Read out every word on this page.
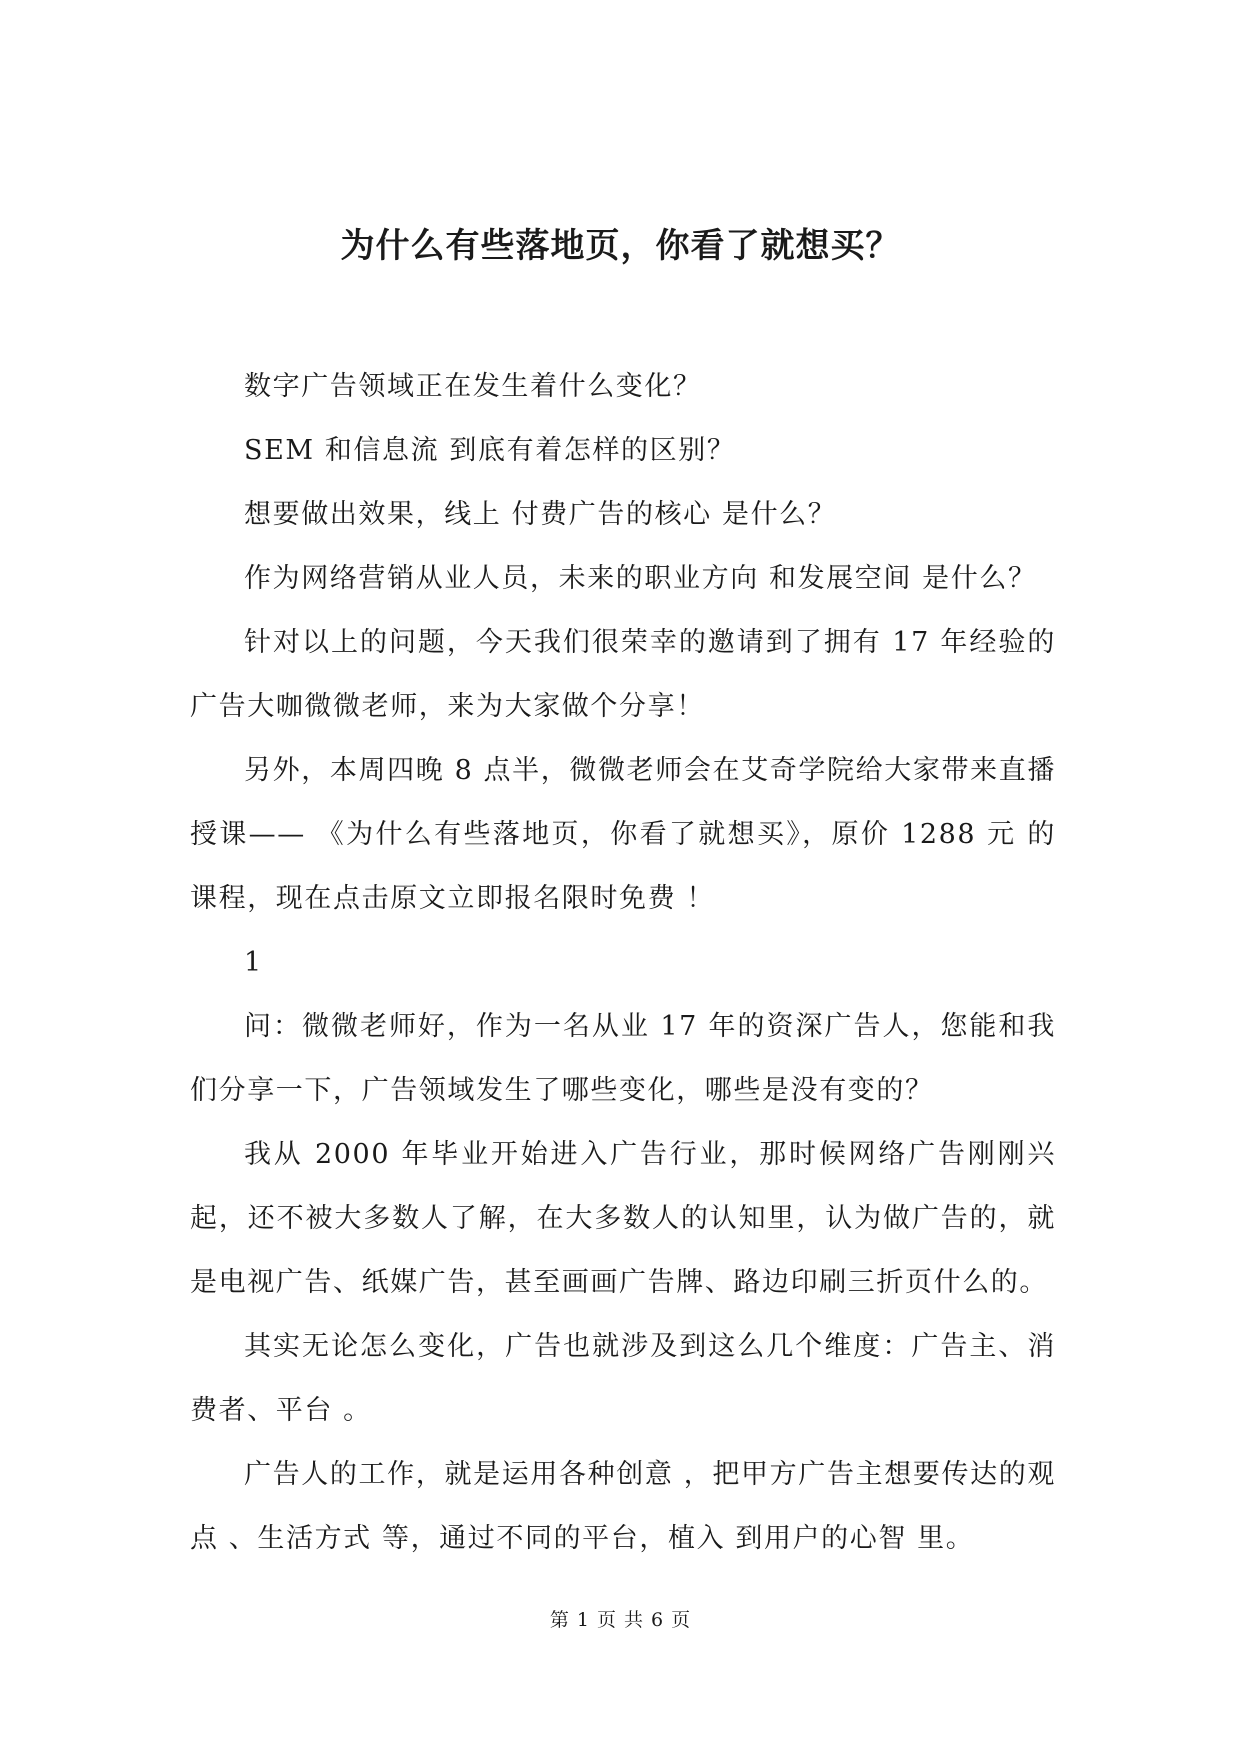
为什么有些落地页，你看了就想买？

数字广告领域正在发生着什么变化？

SEM 和信息流 到底有着怎样的区别？

想要做出效果，线上 付费广告的核心 是什么？

作为网络营销从业人员，未来的职业方向 和发展空间 是什么？

针对以上的问题，今天我们很荣幸的邀请到了拥有 17 年经验的广告大咖微微老师，来为大家做个分享！

另外，本周四晚 8 点半，微微老师会在艾奇学院给大家带来直播授课—— 《为什么有些落地页，你看了就想买》，原价 1288 元 的课程，现在点击原文立即报名限时免费 ！

1

问：微微老师好，作为一名从业 17 年的资深广告人，您能和我们分享一下，广告领域发生了哪些变化，哪些是没有变的？

我从 2000 年毕业开始进入广告行业，那时候网络广告刚刚兴起，还不被大多数人了解，在大多数人的认知里，认为做广告的，就是电视广告、纸媒广告，甚至画画广告牌、路边印刷三折页什么的。

其实无论怎么变化，广告也就涉及到这么几个维度：广告主、消费者、平台 。

广告人的工作，就是运用各种创意 ，把甲方广告主想要传达的观点 、生活方式 等，通过不同的平台，植入 到用户的心智 里。

第 1 页 共 6 页
